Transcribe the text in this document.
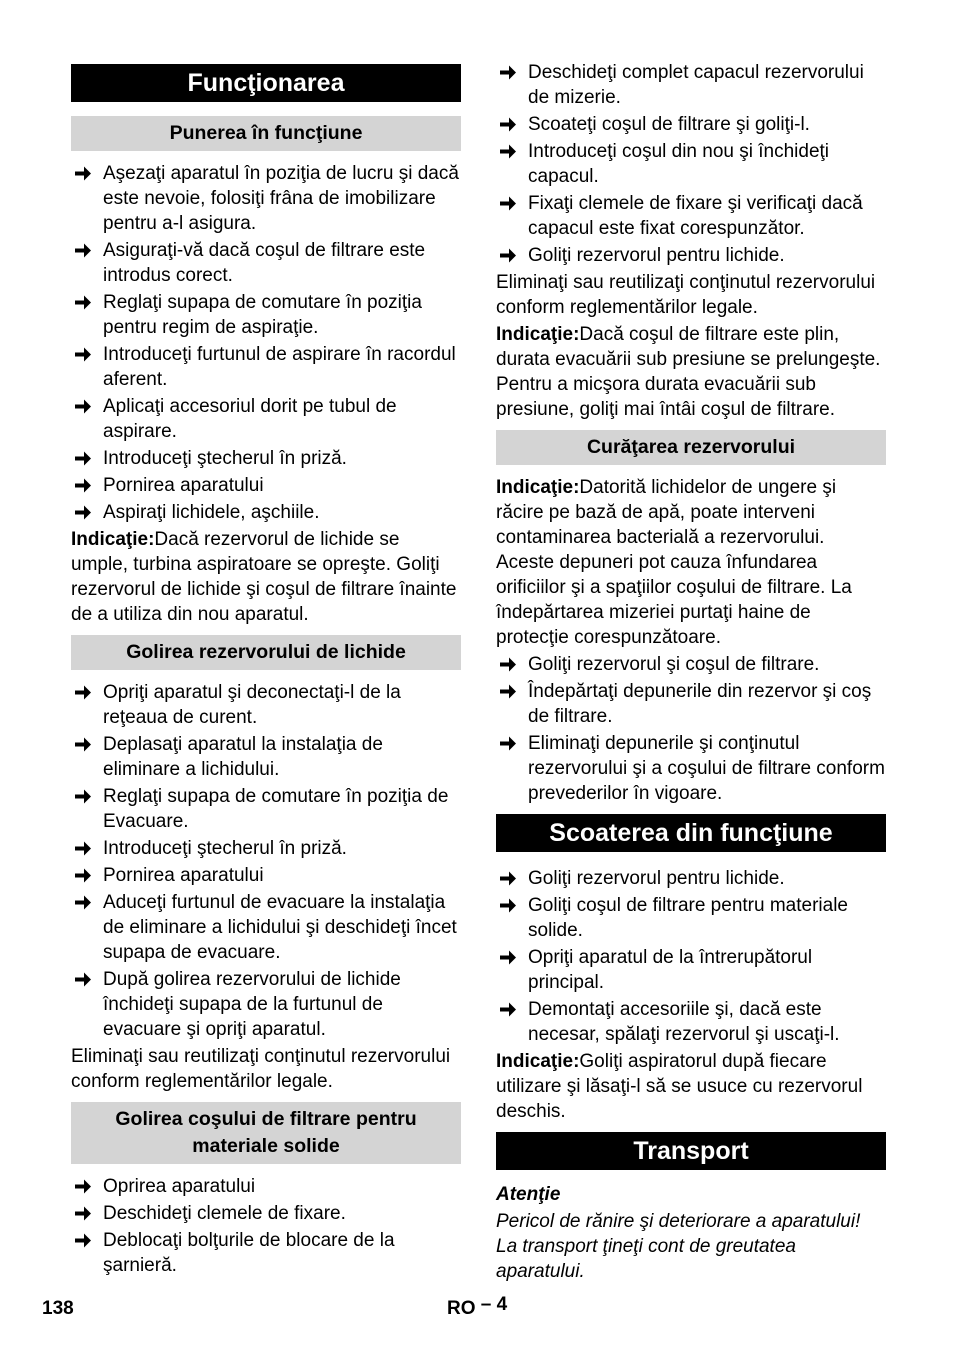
Funcţionarea
Punerea în funcţiune
Aşezaţi aparatul în poziţia de lucru şi dacă este nevoie, folosiţi frâna de imobilizare pentru a-l asigura.
Asiguraţi-vă dacă coşul de filtrare este introdus corect.
Reglaţi supapa de comutare în poziţia pentru regim de aspiraţie.
Introduceţi furtunul de aspirare în racordul aferent.
Aplicaţi accesoriul dorit pe tubul de aspirare.
Introduceţi ştecherul în priză.
Pornirea aparatului
Aspiraţi lichidele, aşchiile.
Indicaţie:Dacă rezervorul de lichide se umple, turbina aspiratoare se opreşte. Goliţi rezervorul de lichide şi coşul de filtrare înainte de a utiliza din nou aparatul.
Golirea rezervorului de lichide
Opriţi aparatul şi deconectaţi-l de la reţeaua de curent.
Deplasaţi aparatul la instalaţia de eliminare a lichidului.
Reglaţi supapa de comutare în poziţia de Evacuare.
Introduceţi ştecherul în priză.
Pornirea aparatului
Aduceţi furtunul de evacuare la instalaţia de eliminare a lichidului şi deschideţi încet supapa de evacuare.
După golirea rezervorului de lichide închideţi supapa de la furtunul de evacuare şi opriţi aparatul.
Eliminaţi sau reutilizaţi conţinutul rezervorului conform reglementărilor legale.
Golirea coşului de filtrare pentru materiale solide
Oprirea aparatului
Deschideţi clemele de fixare.
Deblocaţi bolţurile de blocare de la şarnieră.
Deschideţi complet capacul rezervorului de mizerie.
Scoateţi coşul de filtrare şi goliţi-l.
Introduceţi coşul din nou şi închideţi capacul.
Fixaţi clemele de fixare şi verificaţi dacă capacul este fixat corespunzător.
Goliţi rezervorul pentru lichide.
Eliminaţi sau reutilizaţi conţinutul rezervorului conform reglementărilor legale.
Indicaţie:Dacă coşul de filtrare este plin, durata evacuării sub presiune se prelungeşte. Pentru a micşora durata evacuării sub presiune, goliţi mai întâi coşul de filtrare.
Curăţarea rezervorului
Indicaţie:Datorită lichidelor de ungere şi răcire pe bază de apă, poate interveni contaminarea bacterială a rezervorului. Aceste depuneri pot cauza înfundarea orificiilor şi a spaţiilor coşului de filtrare. La îndepărtarea mizeriei purtaţi haine de protecţie corespunzătoare.
Goliţi rezervorul şi coşul de filtrare.
Îndepărtaţi depunerile din rezervor şi coş de filtrare.
Eliminaţi depunerile şi conţinutul rezervorului şi a coşului de filtrare conform prevederilor în vigoare.
Scoaterea din funcţiune
Goliţi rezervorul pentru lichide.
Goliţi coşul de filtrare pentru materiale solide.
Opriţi aparatul de la întrerupătorul principal.
Demontaţi accesoriile şi, dacă este necesar, spălaţi rezervorul şi uscaţi-l.
Indicaţie:Goliţi aspiratorul după fiecare utilizare şi lăsaţi-l să se usuce cu rezervorul deschis.
Transport
Atenţie
Pericol de rănire şi deteriorare a aparatului! La transport ţineţi cont de greutatea aparatului.
138	RO – 4
